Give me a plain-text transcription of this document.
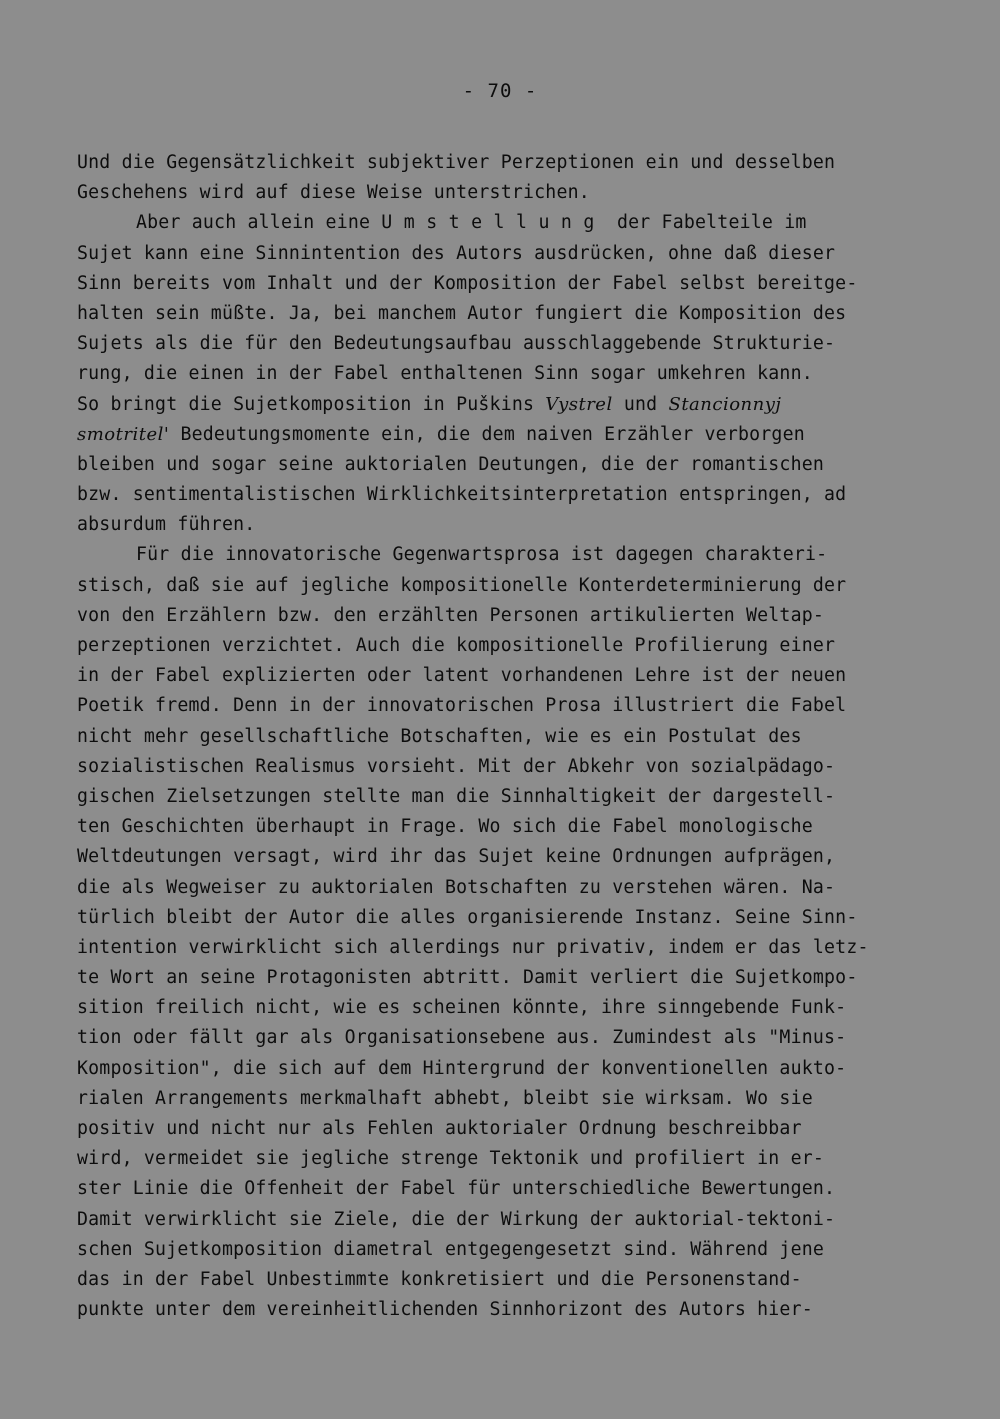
- 70 -
Und die Gegensätzlichkeit subjektiver Perzeptionen ein und desselben
Geschehens wird auf diese Weise unterstrichen.
Aber auch allein eine Umstellung der Fabelteile im
Sujet kann eine Sinnintention des Autors ausdrücken, ohne daß dieser
Sinn bereits vom Inhalt und der Komposition der Fabel selbst bereitge-
halten sein müßte. Ja, bei manchem Autor fungiert die Komposition des
Sujets als die für den Bedeutungsaufbau ausschlaggebende Strukturie-
rung, die einen in der Fabel enthaltenen Sinn sogar umkehren kann.
So bringt die Sujetkomposition in Puškins Vystrel und Stancionnyj
smotritel' Bedeutungsmomente ein, die dem naiven Erzähler verborgen
bleiben und sogar seine auktorialen Deutungen, die der romantischen
bzw. sentimentalistischen Wirklichkeitsinterpretation entspringen, ad
absurdum führen.
Für die innovatorische Gegenwartsprosa ist dagegen charakteri-
stisch, daß sie auf jegliche kompositionelle Konterdeterminierung der
von den Erzählern bzw. den erzählten Personen artikulierten Weltap-
perzeptionen verzichtet. Auch die kompositionelle Profilierung einer
in der Fabel explizierten oder latent vorhandenen Lehre ist der neuen
Poetik fremd. Denn in der innovatorischen Prosa illustriert die Fabel
nicht mehr gesellschaftliche Botschaften, wie es ein Postulat des
sozialistischen Realismus vorsieht. Mit der Abkehr von sozialpädago-
gischen Zielsetzungen stellte man die Sinnhaltigkeit der dargestell-
ten Geschichten überhaupt in Frage. Wo sich die Fabel monologische
Weltdeutungen versagt, wird ihr das Sujet keine Ordnungen aufprägen,
die als Wegweiser zu auktorialen Botschaften zu verstehen wären. Na-
türlich bleibt der Autor die alles organisierende Instanz. Seine Sinn-
intention verwirklicht sich allerdings nur privativ, indem er das letz-
te Wort an seine Protagonisten abtritt. Damit verliert die Sujetkompo-
sition freilich nicht, wie es scheinen könnte, ihre sinngebende Funk-
tion oder fällt gar als Organisationsebene aus. Zumindest als "Minus-
Komposition", die sich auf dem Hintergrund der konventionellen aukto-
rialen Arrangements merkmalhaft abhebt, bleibt sie wirksam. Wo sie
positiv und nicht nur als Fehlen auktorialer Ordnung beschreibbar
wird, vermeidet sie jegliche strenge Tektonik und profiliert in er-
ster Linie die Offenheit der Fabel für unterschiedliche Bewertungen.
Damit verwirklicht sie Ziele, die der Wirkung der auktorial-tektoni-
schen Sujetkomposition diametral entgegengesetzt sind. Während jene
das in der Fabel Unbestimmte konkretisiert und die Personenstand-
punkte unter dem vereinheitlichenden Sinnhorizont des Autors hier-
